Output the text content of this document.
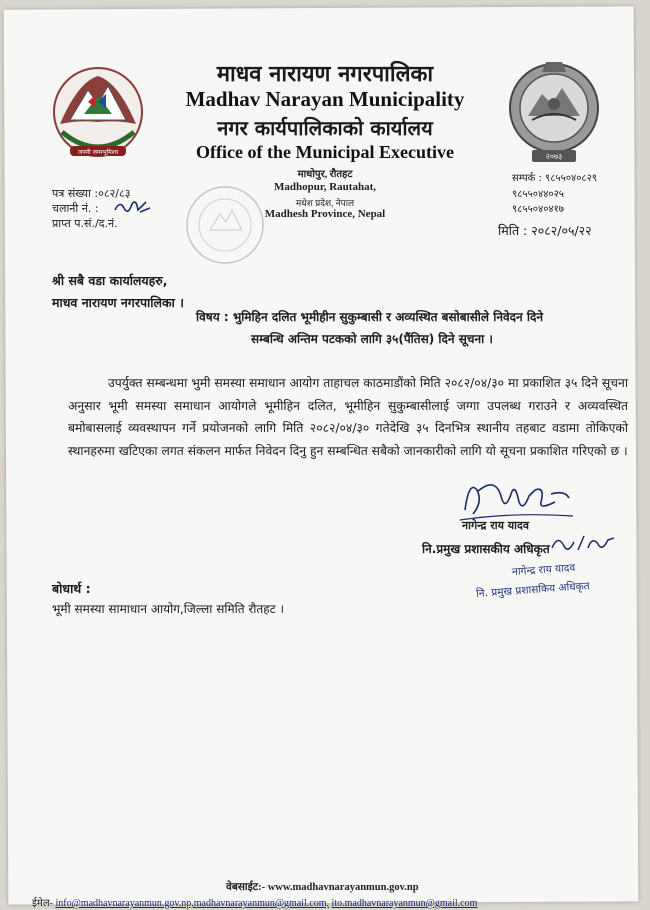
जननी जन्मभूमिश्च	२०७३
माधव नारायण नगरपालिका
Madhav Narayan Municipality
नगर कार्यपालिकाको कार्यालय
Office of the Municipal Executive
माधोपुर, रौतहट
Madhopur, Rautahat,
मधेश प्रदेश, नेपाल
Madhesh Province, Nepal
पत्र संख्या :०८२/८३
चलानी नं. :
प्राप्त प.सं./द.नं.
सम्पर्क : ९८५५०४०८२९
९८५५०४४०२५
९८५५०४०४१७
मिति : २०८२/०५/२२
श्री सबै वडा कार्यालयहरु,
माधव नारायण नगरपालिका ।
विषय : भुमिहिन दलित भूमीहीन सुकुम्बासी र अव्यस्थित बसोबासीले निवेदन दिने
सम्बन्धि अन्तिम पटकको लागि ३५(पैंतिस) दिने सूचना ।
उपर्युक्त सम्बन्धमा भुमी समस्या समाधान आयोग ताहाचल काठमाडौंको मिति २०८२/०४/३० मा प्रकाशित ३५ दिने सूचना अनुसार भूमी समस्या समाधान आयोगले भूमीहिन दलित, भूमीहिन सुकुम्बासीलाई जग्गा उपलब्ध गराउने र अव्यवस्थित बमोबासलाई व्यवस्थापन गर्ने प्रयोजनको लागि मिति २०८२/०४/३० गतेदेखि ३५ दिनभित्र स्थानीय तहबाट वडामा तोकिएको स्थानहरुमा खटिएका लगत संकलन मार्फत निवेदन दिनु हुन सम्बन्धित सबैको जानकारीको लागि यो सूचना प्रकाशित गरिएको छ ।
नागेन्द्र राय यादव
नि.प्रमुख प्रशासकीय अधिकृत
नागेन्द्र राय यादव
नि. प्रमुख प्रशासकिय अधिकृत
बोधार्थ :
भूमी समस्या सामाधान आयोग,जिल्ला समिति रौतहट ।
वेबसाईट:- www.madhavnarayanmun.gov.np
ईमेल- info@madhavnarayanmun.gov.np,madhavnarayanmun@gmail.com, ito.madhavnarayanmun@gmail.com
